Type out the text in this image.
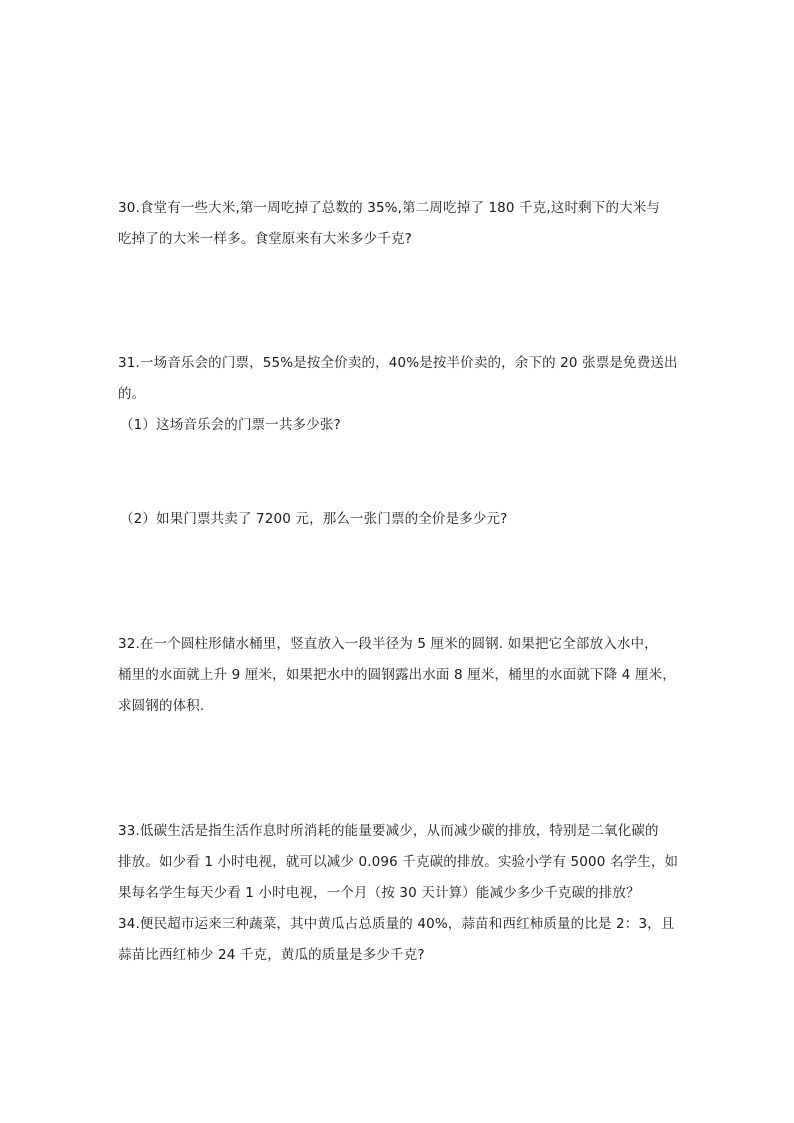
30.食堂有一些大米,第一周吃掉了总数的 35%,第二周吃掉了 180 千克,这时剩下的大米与
吃掉了的大米一样多。食堂原来有大米多少千克?
31.一场音乐会的门票，55%是按全价卖的，40%是按半价卖的，余下的 20 张票是免费送出
的。
（1）这场音乐会的门票一共多少张?
（2）如果门票共卖了 7200 元，那么一张门票的全价是多少元?
32.在一个圆柱形储水桶里，竖直放入一段半径为 5 厘米的圆钢. 如果把它全部放入水中，
桶里的水面就上升 9 厘米，如果把水中的圆钢露出水面 8 厘米，桶里的水面就下降 4 厘米，
求圆钢的体积.
33.低碳生活是指生活作息时所消耗的能量要减少，从而减少碳的排放，特别是二氧化碳的
排放。如少看 1 小时电视，就可以减少 0.096 千克碳的排放。实验小学有 5000 名学生，如
果每名学生每天少看 1 小时电视，一个月（按 30 天计算）能减少多少千克碳的排放？
34.便民超市运来三种蔬菜，其中黄瓜占总质量的 40%，蒜苗和西红柿质量的比是 2：3，且
蒜苗比西红柿少 24 千克，黄瓜的质量是多少千克?
